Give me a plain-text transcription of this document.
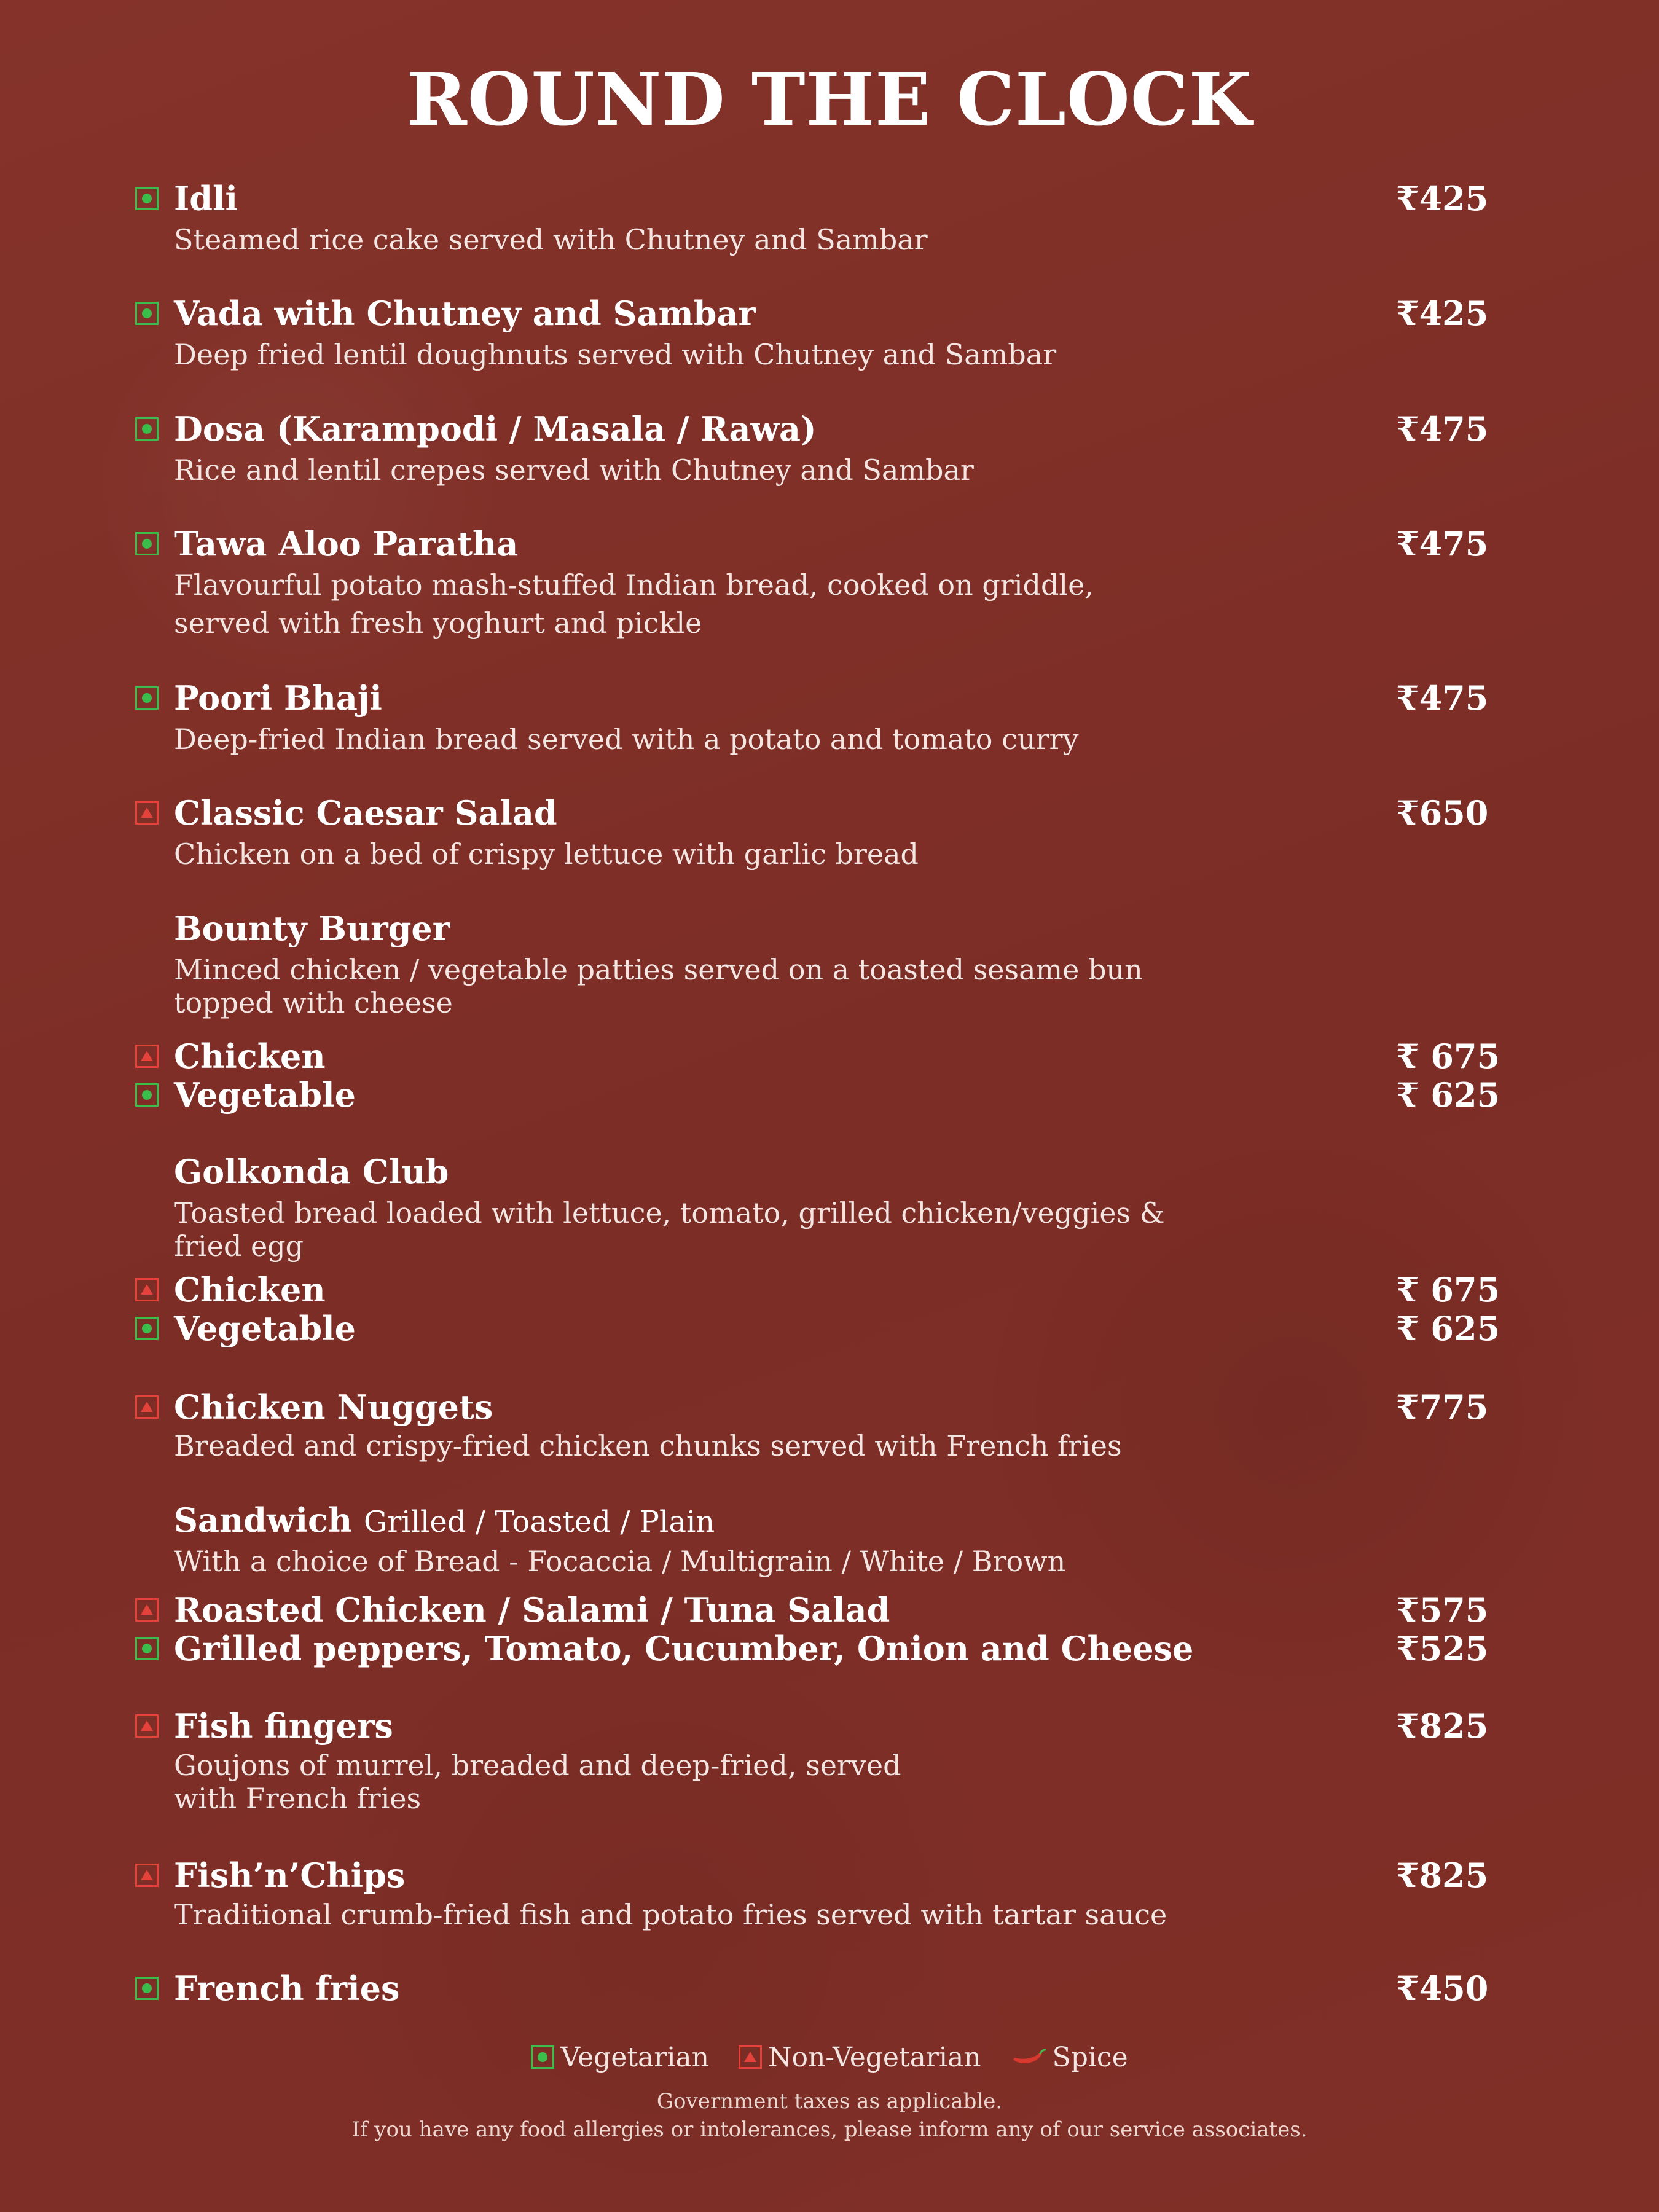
ROUND THE CLOCK
Idli	₹425
Steamed rice cake served with Chutney and Sambar
Vada with Chutney and Sambar	₹425
Deep fried lentil doughnuts served with Chutney and Sambar
Dosa (Karampodi / Masala / Rawa)	₹475
Rice and lentil crepes served with Chutney and Sambar
Tawa Aloo Paratha	₹475
Flavourful potato mash-stuffed Indian bread, cooked on griddle,
served with fresh yoghurt and pickle
Poori Bhaji	₹475
Deep-fried Indian bread served with a potato and tomato curry
Classic Caesar Salad	₹650
Chicken on a bed of crispy lettuce with garlic bread
Bounty Burger
Minced chicken / vegetable patties served on a toasted sesame bun
topped with cheese
Chicken	₹ 675
Vegetable	₹ 625
Golkonda Club
Toasted bread loaded with lettuce, tomato, grilled chicken/veggies &
fried egg
Chicken	₹ 675
Vegetable	₹ 625
Chicken Nuggets	₹775
Breaded and crispy-fried chicken chunks served with French fries
Sandwich Grilled / Toasted / Plain
With a choice of Bread - Focaccia / Multigrain / White / Brown
Roasted Chicken / Salami / Tuna Salad	₹575
Grilled peppers, Tomato, Cucumber, Onion and Cheese	₹525
Fish fingers	₹825
Goujons of murrel, breaded and deep-fried, served
with French fries
Fish’n’Chips	₹825
Traditional crumb-fried fish and potato fries served with tartar sauce
French fries	₹450
Vegetarian Non-Vegetarian	Spice
Government taxes as applicable.
If you have any food allergies or intolerances, please inform any of our service associates.
